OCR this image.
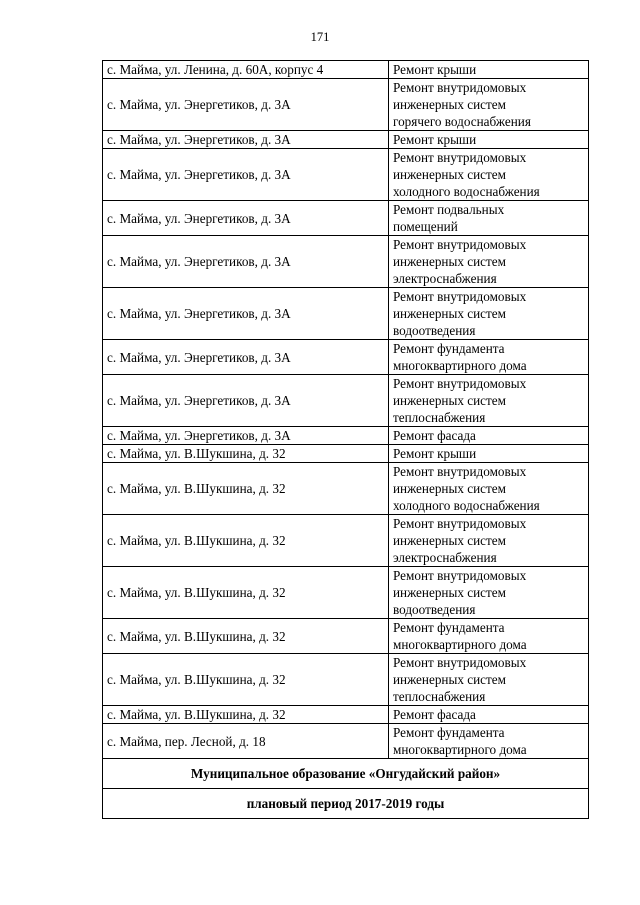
171
с. Майма, ул. Ленина, д. 60А, корпус 4	Ремонт крыши

с. Майма, ул. Энергетиков, д. 3А	Ремонт внутридомовых
инженерных систем
горячего водоснабжения

с. Майма, ул. Энергетиков, д. 3А	Ремонт крыши

с. Майма, ул. Энергетиков, д. 3А	Ремонт внутридомовых
инженерных систем
холодного водоснабжения

с. Майма, ул. Энергетиков, д. 3А	Ремонт подвальных
помещений

с. Майма, ул. Энергетиков, д. 3А	Ремонт внутридомовых
инженерных систем
электроснабжения

с. Майма, ул. Энергетиков, д. 3А	Ремонт внутридомовых
инженерных систем
водоотведения

с. Майма, ул. Энергетиков, д. 3А	Ремонт фундамента
многоквартирного дома

с. Майма, ул. Энергетиков, д. 3А	Ремонт внутридомовых
инженерных систем
теплоснабжения

с. Майма, ул. Энергетиков, д. 3А	Ремонт фасада

с. Майма, ул. В.Шукшина, д. 32	Ремонт крыши

с. Майма, ул. В.Шукшина, д. 32	Ремонт внутридомовых
инженерных систем
холодного водоснабжения

с. Майма, ул. В.Шукшина, д. 32	Ремонт внутридомовых
инженерных систем
электроснабжения

с. Майма, ул. В.Шукшина, д. 32	Ремонт внутридомовых
инженерных систем
водоотведения

с. Майма, ул. В.Шукшина, д. 32	Ремонт фундамента
многоквартирного дома

с. Майма, ул. В.Шукшина, д. 32	Ремонт внутридомовых
инженерных систем
теплоснабжения

с. Майма, ул. В.Шукшина, д. 32	Ремонт фасада

с. Майма, пер. Лесной, д. 18	Ремонт фундамента
многоквартирного дома

Муниципальное образование «Онгудайский район»	
плановый период 2017-2019 годы	
